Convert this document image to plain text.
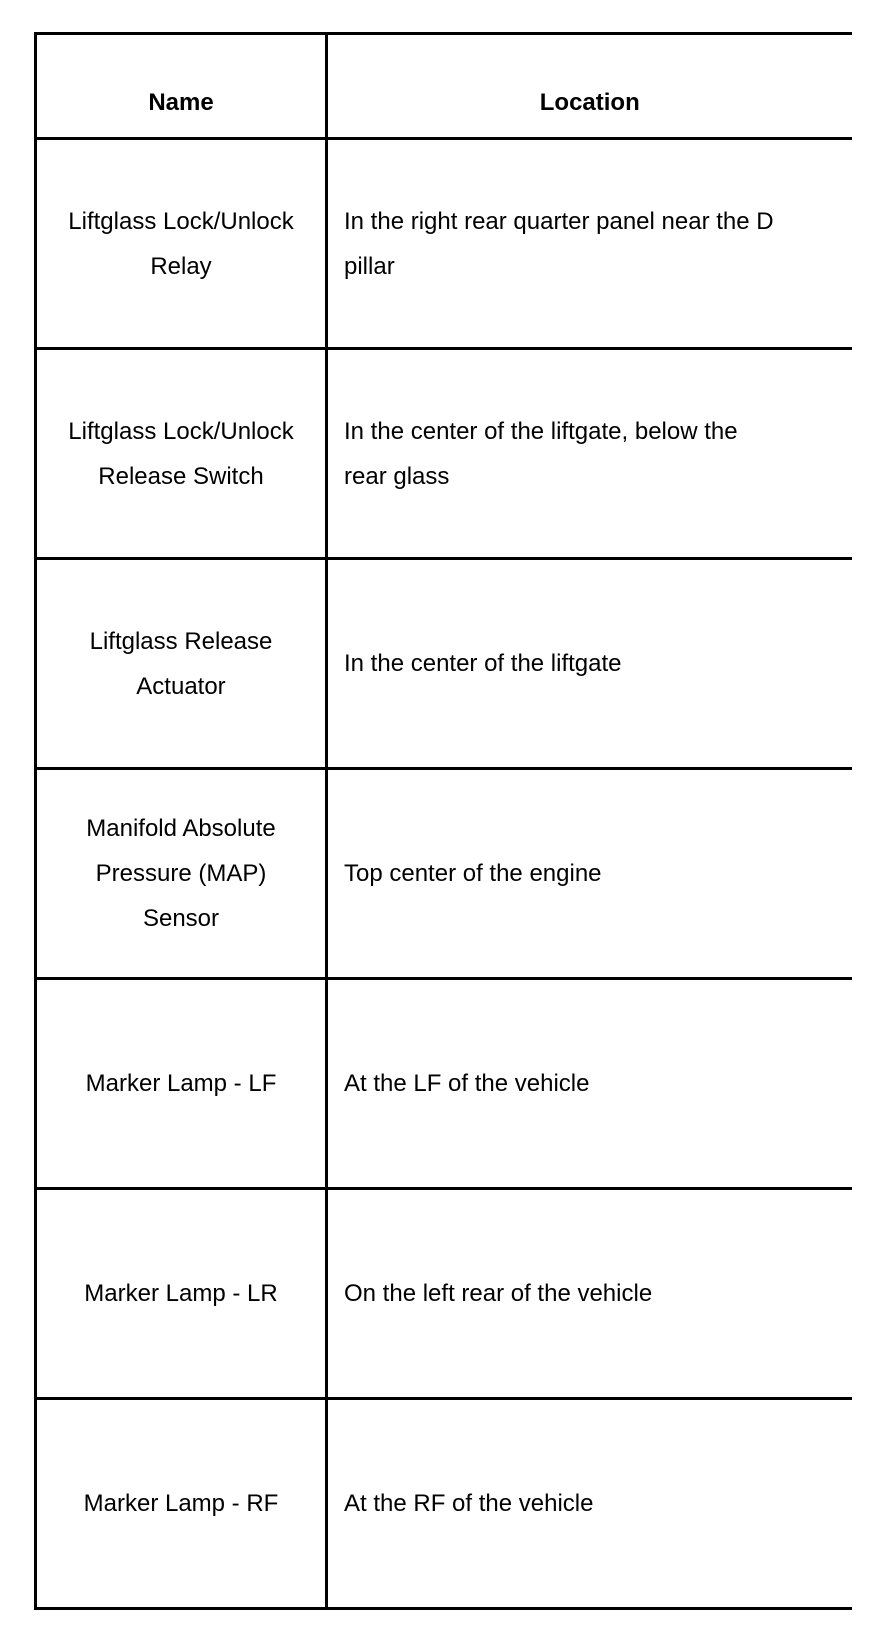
Name	Location
Liftglass Lock/Unlock Relay	In the right rear quarter panel near the D pillar
Liftglass Lock/Unlock Release Switch	In the center of the liftgate, below the rear glass
Liftglass Release Actuator	In the center of the liftgate
Manifold Absolute Pressure (MAP) Sensor	Top center of the engine
Marker Lamp - LF	At the LF of the vehicle
Marker Lamp - LR	On the left rear of the vehicle
Marker Lamp - RF	At the RF of the vehicle
